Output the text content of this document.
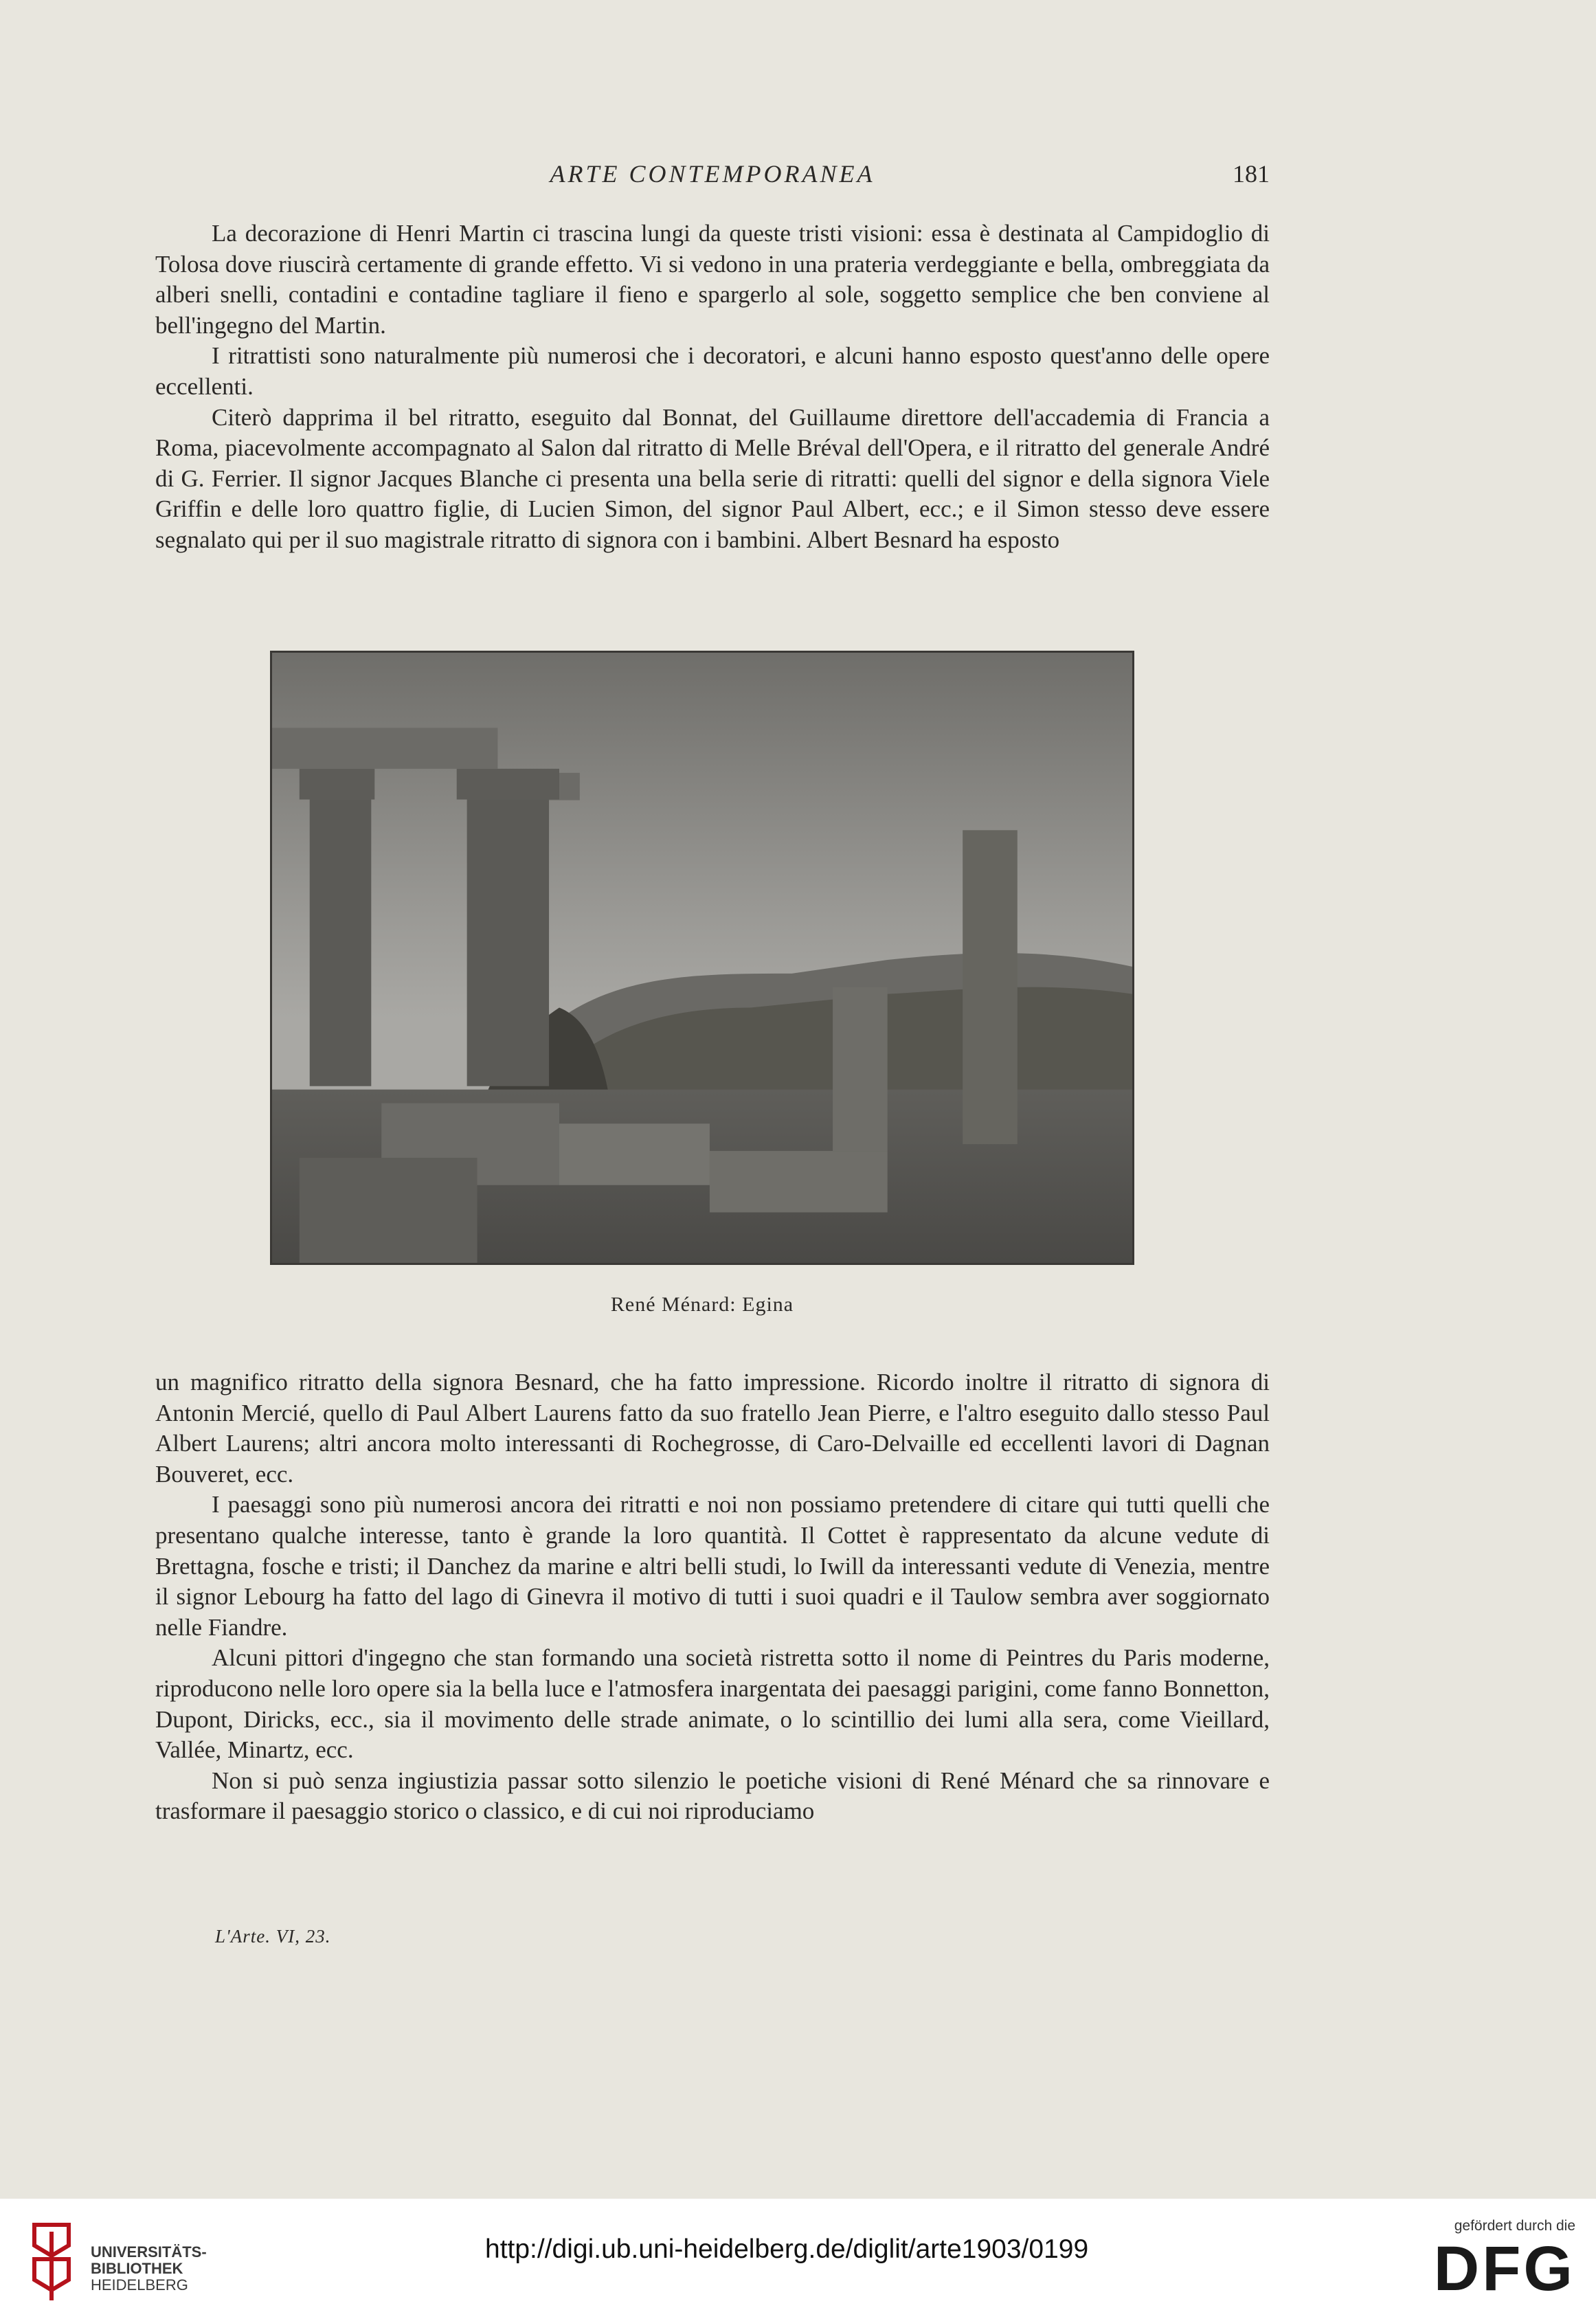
ARTE CONTEMPORANEA	181

La decorazione di Henri Martin ci trascina lungi da queste tristi visioni: essa è destinata al Campidoglio di Tolosa dove riuscirà certamente di grande effetto. Vi si vedono in una prateria verdeggiante e bella, ombreggiata da alberi snelli, contadini e contadine tagliare il fieno e spargerlo al sole, soggetto semplice che ben conviene al bell'ingegno del Martin.

I ritrattisti sono naturalmente più numerosi che i decoratori, e alcuni hanno esposto quest'anno delle opere eccellenti.

Citerò dapprima il bel ritratto, eseguito dal Bonnat, del Guillaume direttore dell'accademia di Francia a Roma, piacevolmente accompagnato al Salon dal ritratto di Melle Bréval dell'Opera, e il ritratto del generale André di G. Ferrier. Il signor Jacques Blanche ci presenta una bella serie di ritratti: quelli del signor e della signora Viele Griffin e delle loro quattro figlie, di Lucien Simon, del signor Paul Albert, ecc.; e il Simon stesso deve essere segnalato qui per il suo magistrale ritratto di signora con i bambini. Albert Besnard ha esposto

René Ménard: Egina

un magnifico ritratto della signora Besnard, che ha fatto impressione. Ricordo inoltre il ritratto di signora di Antonin Mercié, quello di Paul Albert Laurens fatto da suo fratello Jean Pierre, e l'altro eseguito dallo stesso Paul Albert Laurens; altri ancora molto interessanti di Rochegrosse, di Caro-Delvaille ed eccellenti lavori di Dagnan Bouveret, ecc.

I paesaggi sono più numerosi ancora dei ritratti e noi non possiamo pretendere di citare qui tutti quelli che presentano qualche interesse, tanto è grande la loro quantità. Il Cottet è rappresentato da alcune vedute di Brettagna, fosche e tristi; il Danchez da marine e altri belli studi, lo Iwill da interessanti vedute di Venezia, mentre il signor Lebourg ha fatto del lago di Ginevra il motivo di tutti i suoi quadri e il Taulow sembra aver soggiornato nelle Fiandre.

Alcuni pittori d'ingegno che stan formando una società ristretta sotto il nome di Peintres du Paris moderne, riproducono nelle loro opere sia la bella luce e l'atmosfera inargentata dei paesaggi parigini, come fanno Bonnetton, Dupont, Diricks, ecc., sia il movimento delle strade animate, o lo scintillio dei lumi alla sera, come Vieillard, Vallée, Minartz, ecc.

Non si può senza ingiustizia passar sotto silenzio le poetiche visioni di René Ménard che sa rinnovare e trasformare il paesaggio storico o classico, e di cui noi riproduciamo

L'Arte. VI, 23.
UNIVERSITÄTS-
BIBLIOTHEK
HEIDELBERG
http://digi.ub.uni-heidelberg.de/diglit/arte1903/0199
gefördert durch die
DFG
